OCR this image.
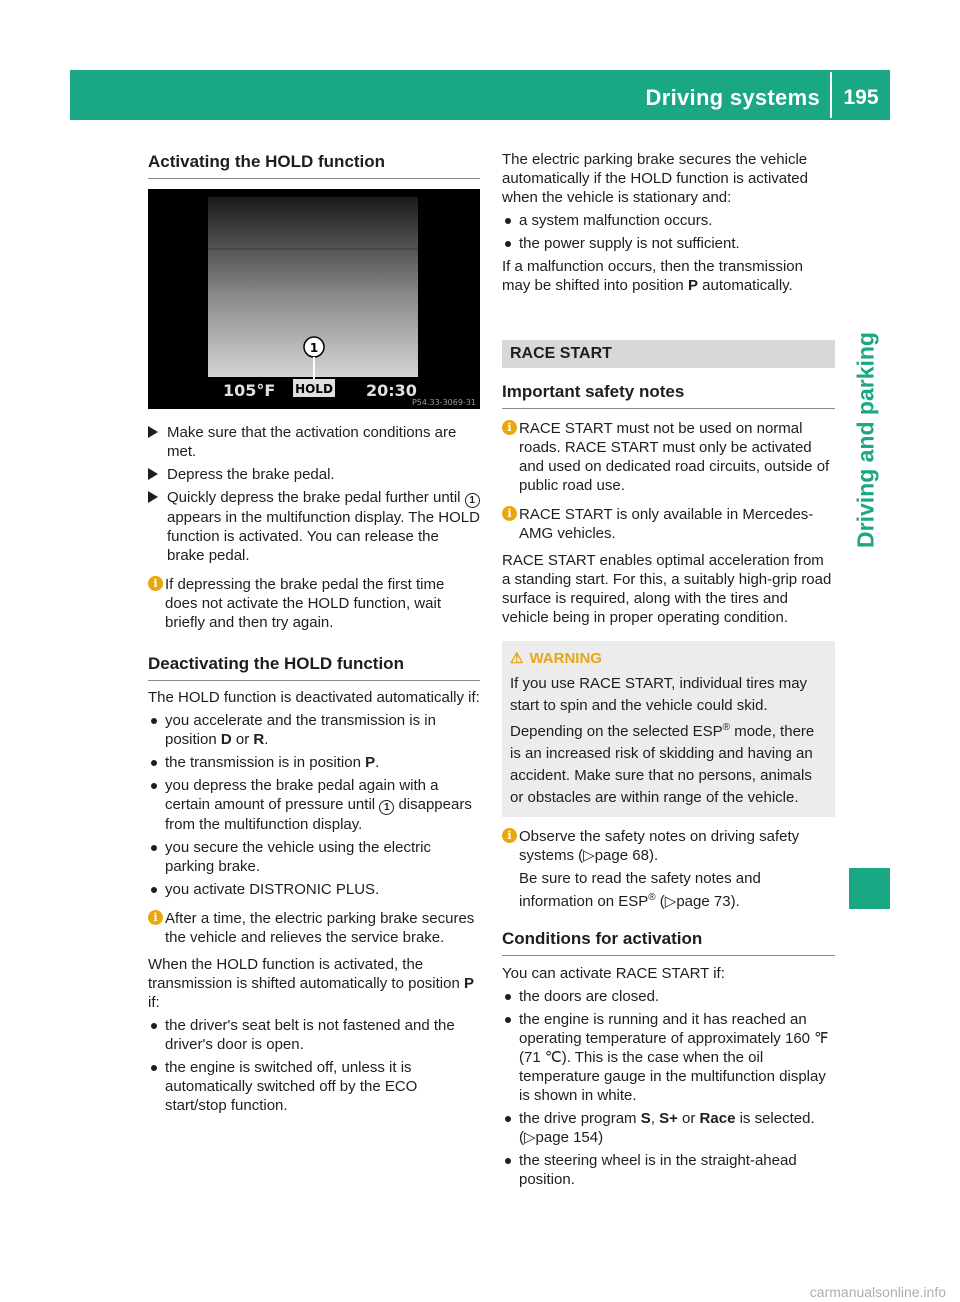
Driving systems	195
Driving and parking
Activating the HOLD function
1
105°F HOLD 20:30
P54.33-3069-31
Make sure that the activation conditions are met.
Depress the brake pedal.
Quickly depress the brake pedal further until 1 appears in the multifunction display. The HOLD function is activated. You can release the brake pedal.
i If depressing the brake pedal the first time does not activate the HOLD function, wait briefly and then try again.
Deactivating the HOLD function

The HOLD function is deactivated automatically if:

you accelerate and the transmission is in position D or R.
the transmission is in position P.
you depress the brake pedal again with a certain amount of pressure until 1 disappears from the multifunction display.
you secure the vehicle using the electric parking brake.
you activate DISTRONIC PLUS.
i After a time, the electric parking brake secures the vehicle and relieves the service brake.

When the HOLD function is activated, the transmission is shifted automatically to position P if:

the driver's seat belt is not fastened and the driver's door is open.
the engine is switched off, unless it is automatically switched off by the ECO start/stop function.

The electric parking brake secures the vehicle automatically if the HOLD function is activated when the vehicle is stationary and:

a system malfunction occurs.
the power supply is not sufficient.

If a malfunction occurs, then the transmission may be shifted into position P automatically.

RACE START
Important safety notes
i RACE START must not be used on normal roads. RACE START must only be activated and used on dedicated road circuits, outside of public road use.
i RACE START is only available in Mercedes-AMG vehicles.

RACE START enables optimal acceleration from a standing start. For this, a suitably high-grip road surface is required, along with the tires and vehicle being in proper operating condition.

⚠ WARNING

If you use RACE START, individual tires may start to spin and the vehicle could skid.

Depending on the selected ESP® mode, there is an increased risk of skidding and having an accident. Make sure that no persons, animals or obstacles are within range of the vehicle.

i Observe the safety notes on driving safety systems (▷page 68).
Be sure to read the safety notes and information on ESP® (▷page 73).
Conditions for activation

You can activate RACE START if:

the doors are closed.
the engine is running and it has reached an operating temperature of approximately 160 ℉ (71 ℃). This is the case when the oil temperature gauge in the multifunction display is shown in white.
the drive program S, S+ or Race is selected. (▷page 154)
the steering wheel is in the straight-ahead position.
carmanualsonline.info
